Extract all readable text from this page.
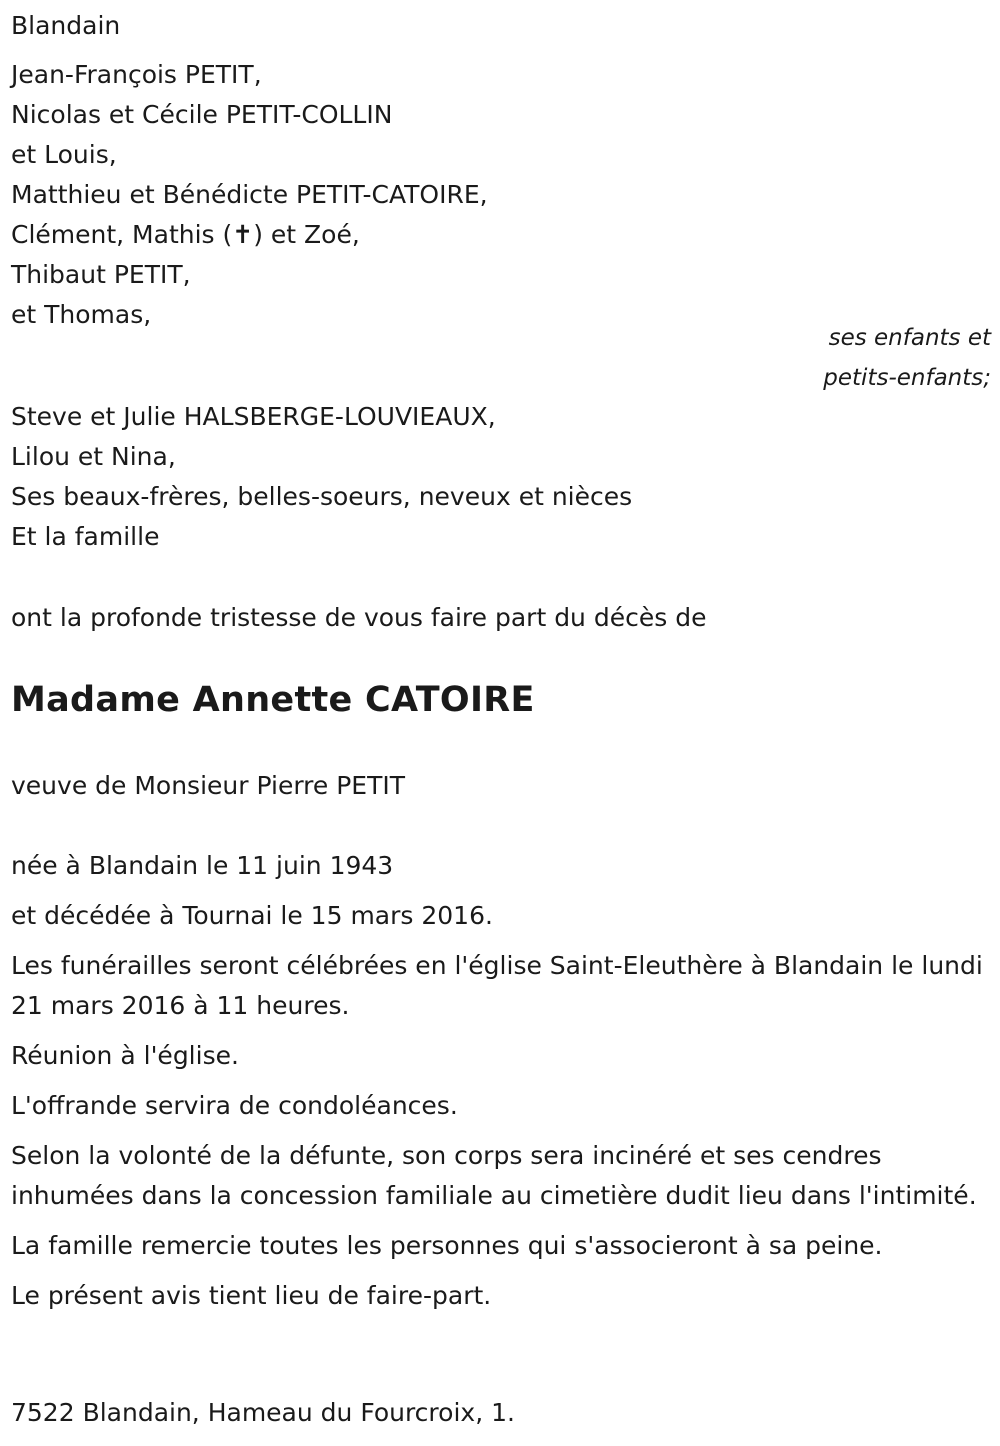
Blandain
Jean-François PETIT,
Nicolas et Cécile PETIT-COLLIN
et Louis,
Matthieu et Bénédicte PETIT-CATOIRE,
Clément, Mathis (✝) et Zoé,
Thibaut PETIT,
et Thomas,
ses enfants et
petits-enfants;
Steve et Julie HALSBERGE-LOUVIEAUX,
Lilou et Nina,
Ses beaux-frères, belles-soeurs, neveux et nièces
Et la famille
ont la profonde tristesse de vous faire part du décès de
Madame Annette CATOIRE
veuve de Monsieur Pierre PETIT

née à Blandain le 11 juin 1943

et décédée à Tournai le 15 mars 2016.

Les funérailles seront célébrées en l'église Saint-Eleuthère à Blandain le lundi 21 mars 2016 à 11 heures.

Réunion à l'église.

L'offrande servira de condoléances.

Selon la volonté de la défunte, son corps sera incinéré et ses cendres inhumées dans la concession familiale au cimetière dudit lieu dans l'intimité.

La famille remercie toutes les personnes qui s'associeront à sa peine.

Le présent avis tient lieu de faire-part.

7522 Blandain, Hameau du Fourcroix, 1.
